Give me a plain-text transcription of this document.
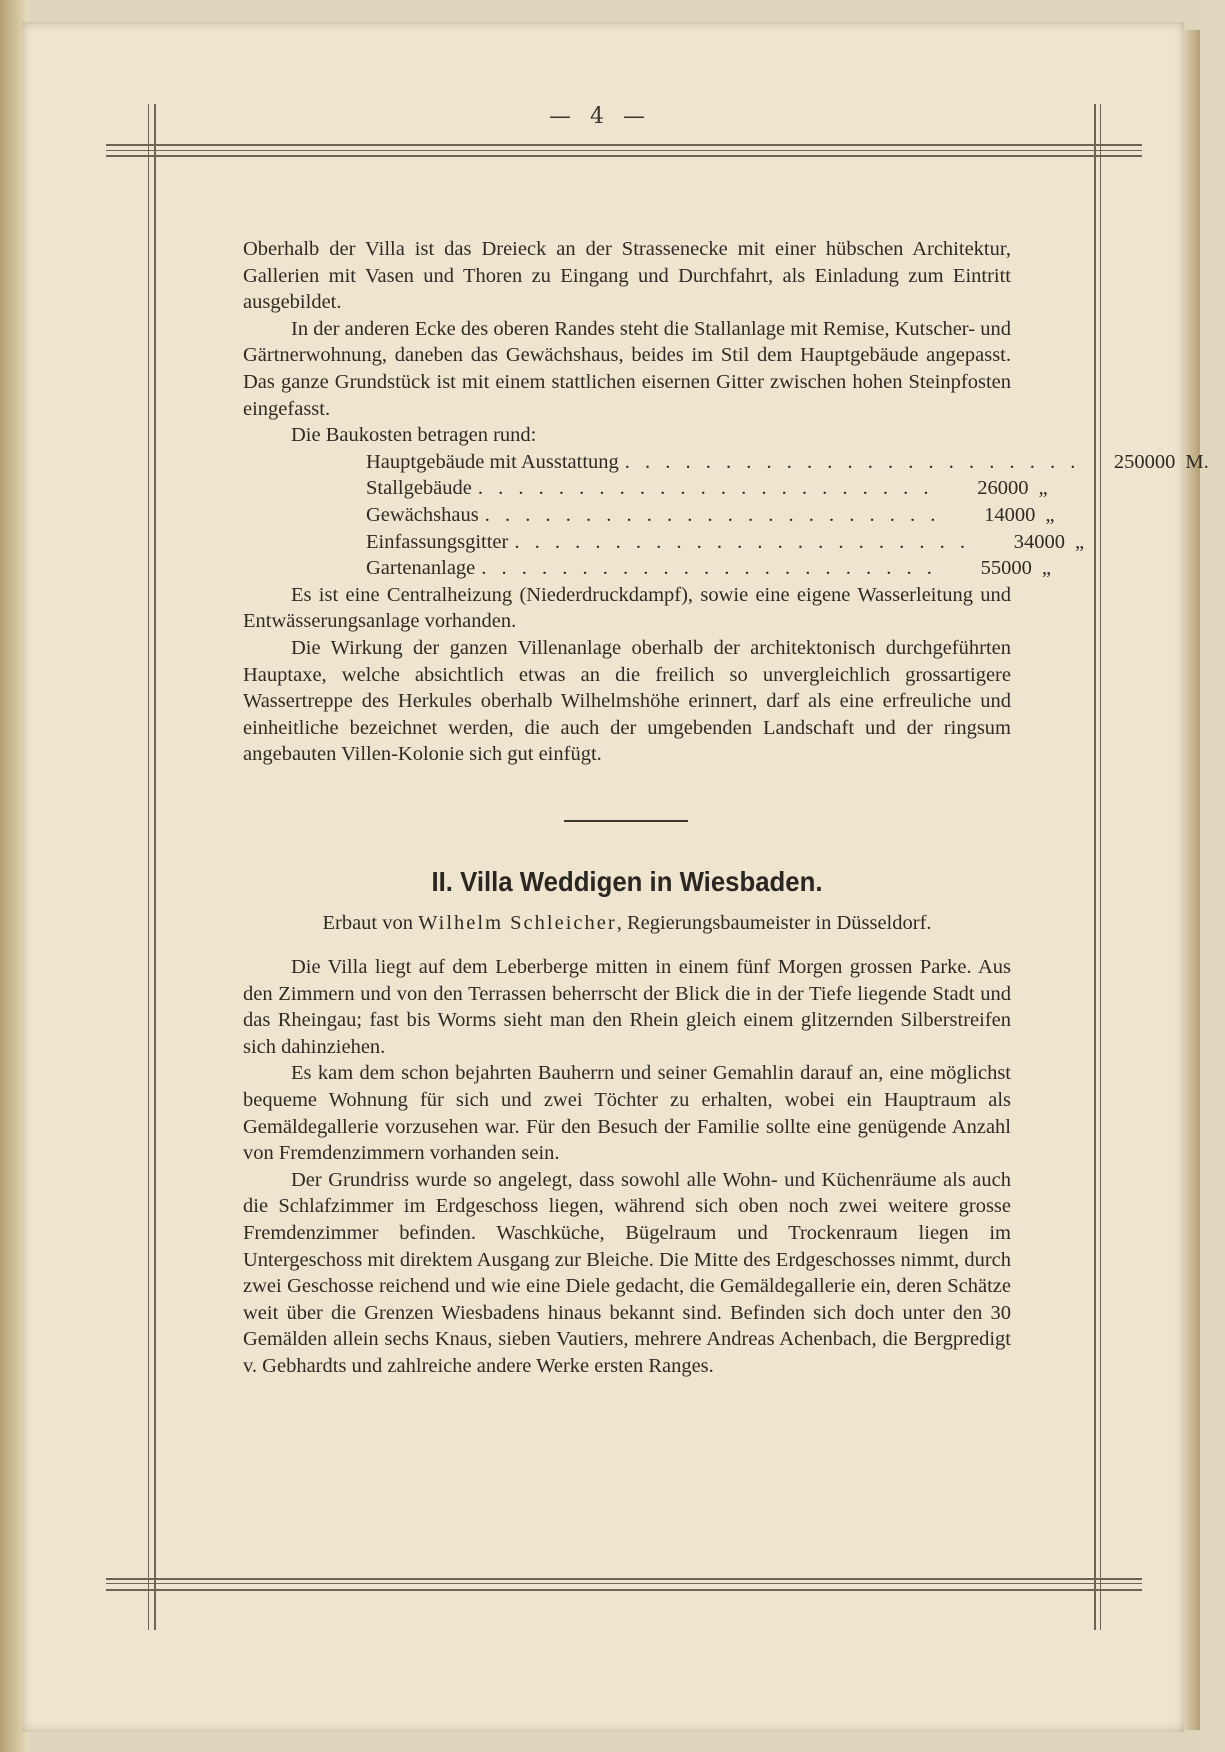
— 4 —

Oberhalb der Villa ist das Dreieck an der Strassenecke mit einer hübschen Architektur, Gallerien mit Vasen und Thoren zu Eingang und Durchfahrt, als Einladung zum Eintritt ausgebildet.

In der anderen Ecke des oberen Randes steht die Stallanlage mit Remise, Kutscher- und Gärtnerwohnung, daneben das Gewächshaus, beides im Stil dem Hauptgebäude angepasst. Das ganze Grundstück ist mit einem stattlichen eisernen Gitter zwischen hohen Steinpfosten eingefasst.

Die Baukosten betragen rund:

Hauptgebäude mit Ausstattung . . . . . . . . . . . . . . . . . . . . . . .	250000 M.
Stallgebäude . . . . . . . . . . . . . . . . . . . . . . .	26000 „
Gewächshaus . . . . . . . . . . . . . . . . . . . . . . .	14000 „
Einfassungsgitter . . . . . . . . . . . . . . . . . . . . . . .	34000 „
Gartenanlage . . . . . . . . . . . . . . . . . . . . . . .	55000 „

Es ist eine Centralheizung (Niederdruckdampf), sowie eine eigene Wasserleitung und Entwässerungsanlage vorhanden.

Die Wirkung der ganzen Villenanlage oberhalb der architektonisch durchgeführten Hauptaxe, welche absichtlich etwas an die freilich so unvergleichlich grossartigere Wassertreppe des Herkules oberhalb Wilhelmshöhe erinnert, darf als eine erfreuliche und einheitliche bezeichnet werden, die auch der umgebenden Landschaft und der ringsum angebauten Villen-Kolonie sich gut einfügt.

II. Villa Weddigen in Wiesbaden.
Erbaut von Wilhelm Schleicher, Regierungsbaumeister in Düsseldorf.

Die Villa liegt auf dem Leberberge mitten in einem fünf Morgen grossen Parke. Aus den Zimmern und von den Terrassen beherrscht der Blick die in der Tiefe liegende Stadt und das Rheingau; fast bis Worms sieht man den Rhein gleich einem glitzernden Silberstreifen sich dahinziehen.

Es kam dem schon bejahrten Bauherrn und seiner Gemahlin darauf an, eine möglichst bequeme Wohnung für sich und zwei Töchter zu erhalten, wobei ein Hauptraum als Gemäldegallerie vorzusehen war. Für den Besuch der Familie sollte eine genügende Anzahl von Fremdenzimmern vorhanden sein.

Der Grundriss wurde so angelegt, dass sowohl alle Wohn- und Küchenräume als auch die Schlafzimmer im Erdgeschoss liegen, während sich oben noch zwei weitere grosse Fremdenzimmer befinden. Waschküche, Bügelraum und Trockenraum liegen im Untergeschoss mit direktem Ausgang zur Bleiche. Die Mitte des Erdgeschosses nimmt, durch zwei Geschosse reichend und wie eine Diele gedacht, die Gemäldegallerie ein, deren Schätze weit über die Grenzen Wiesbadens hinaus bekannt sind. Befinden sich doch unter den 30 Gemälden allein sechs Knaus, sieben Vautiers, mehrere Andreas Achenbach, die Bergpredigt v. Gebhardts und zahlreiche andere Werke ersten Ranges.
